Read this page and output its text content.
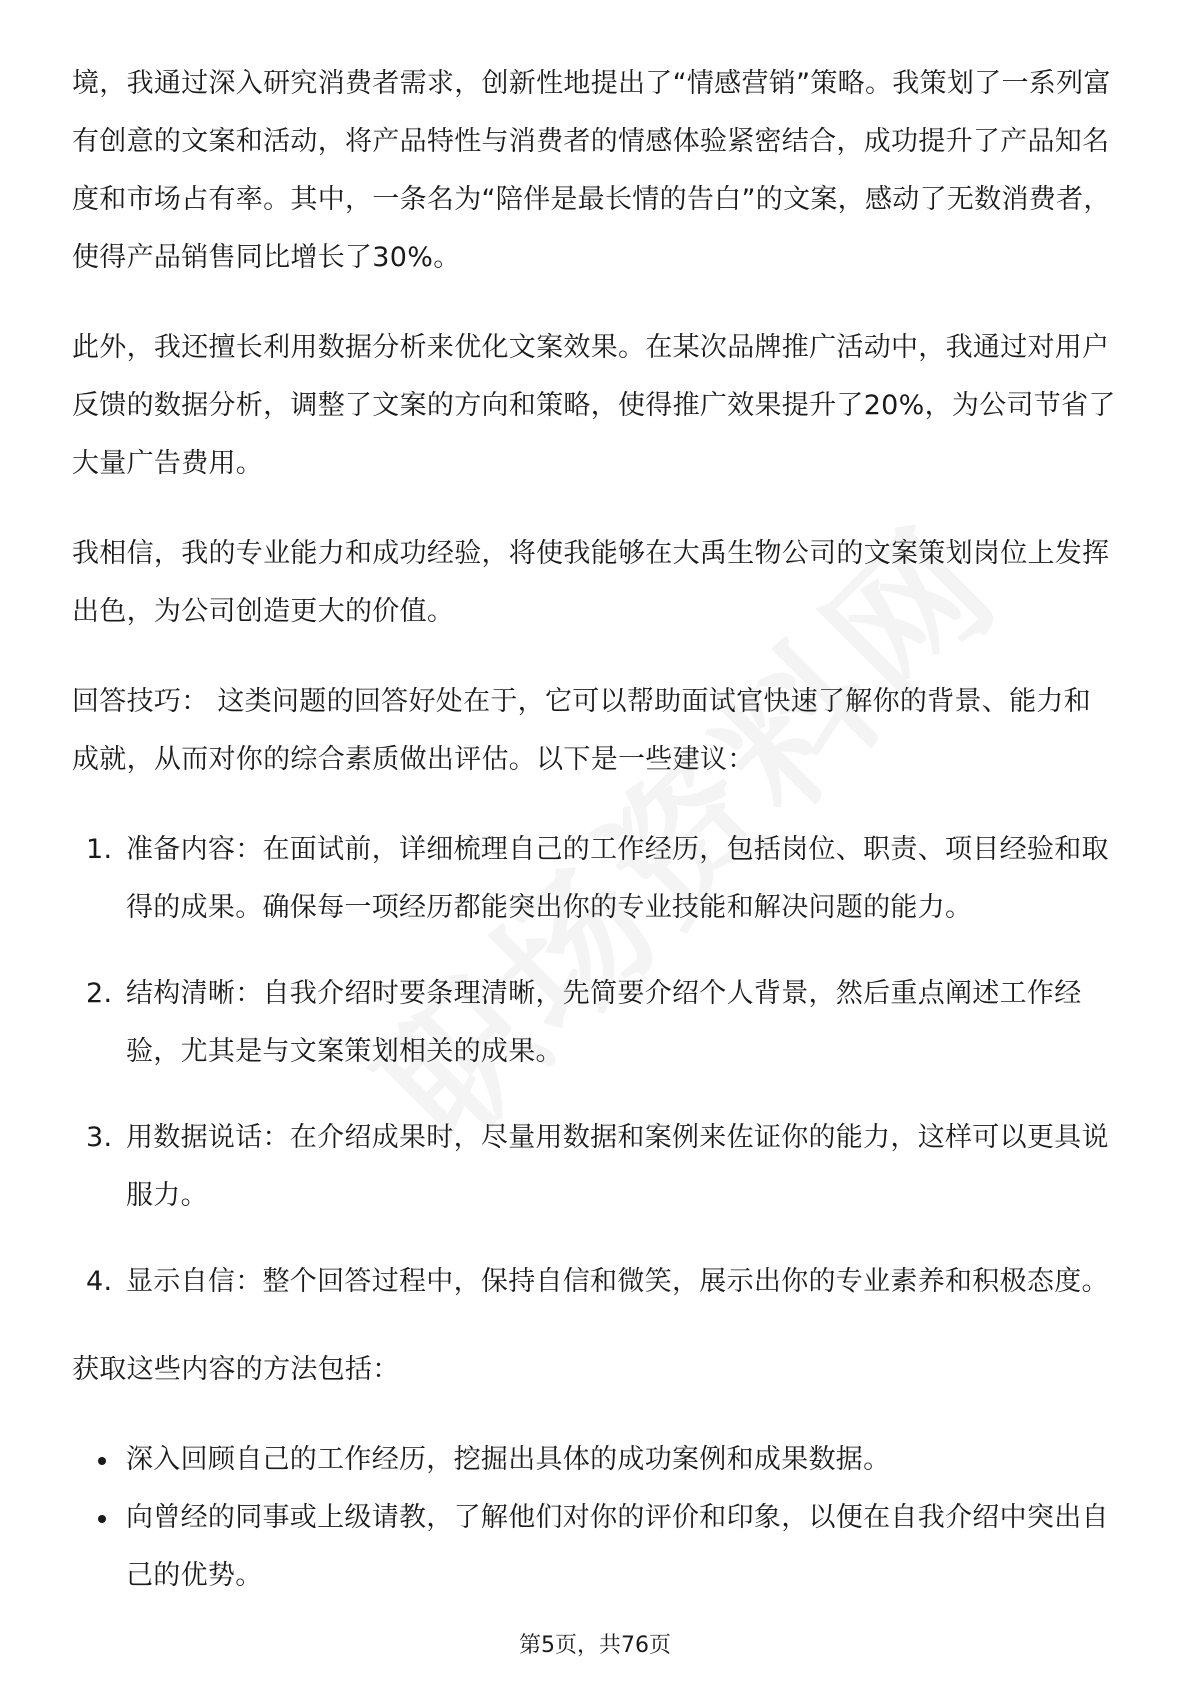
境，我通过深入研究消费者需求，创新性地提出了“情感营销”策略。我策划了一系列富有创意的文案和活动，将产品特性与消费者的情感体验紧密结合，成功提升了产品知名度和市场占有率。其中，一条名为“陪伴是最长情的告白”的文案，感动了无数消费者，使得产品销售同比增长了30%。

此外，我还擅长利用数据分析来优化文案效果。在某次品牌推广活动中，我通过对用户反馈的数据分析，调整了文案的方向和策略，使得推广效果提升了20%，为公司节省了大量广告费用。

我相信，我的专业能力和成功经验，将使我能够在大禹生物公司的文案策划岗位上发挥出色，为公司创造更大的价值。

回答技巧： 这类问题的回答好处在于，它可以帮助面试官快速了解你的背景、能力和成就，从而对你的综合素质做出评估。以下是一些建议：

1. 准备内容：在面试前，详细梳理自己的工作经历，包括岗位、职责、项目经验和取得的成果。确保每一项经历都能突出你的专业技能和解决问题的能力。
2. 结构清晰：自我介绍时要条理清晰，先简要介绍个人背景，然后重点阐述工作经验，尤其是与文案策划相关的成果。
3. 用数据说话：在介绍成果时，尽量用数据和案例来佐证你的能力，这样可以更具说服力。
4. 显示自信：整个回答过程中，保持自信和微笑，展示出你的专业素养和积极态度。

获取这些内容的方法包括：

深入回顾自己的工作经历，挖掘出具体的成功案例和成果数据。
向曾经的同事或上级请教，了解他们对你的评价和印象，以便在自我介绍中突出自己的优势。
第5页，共76页
